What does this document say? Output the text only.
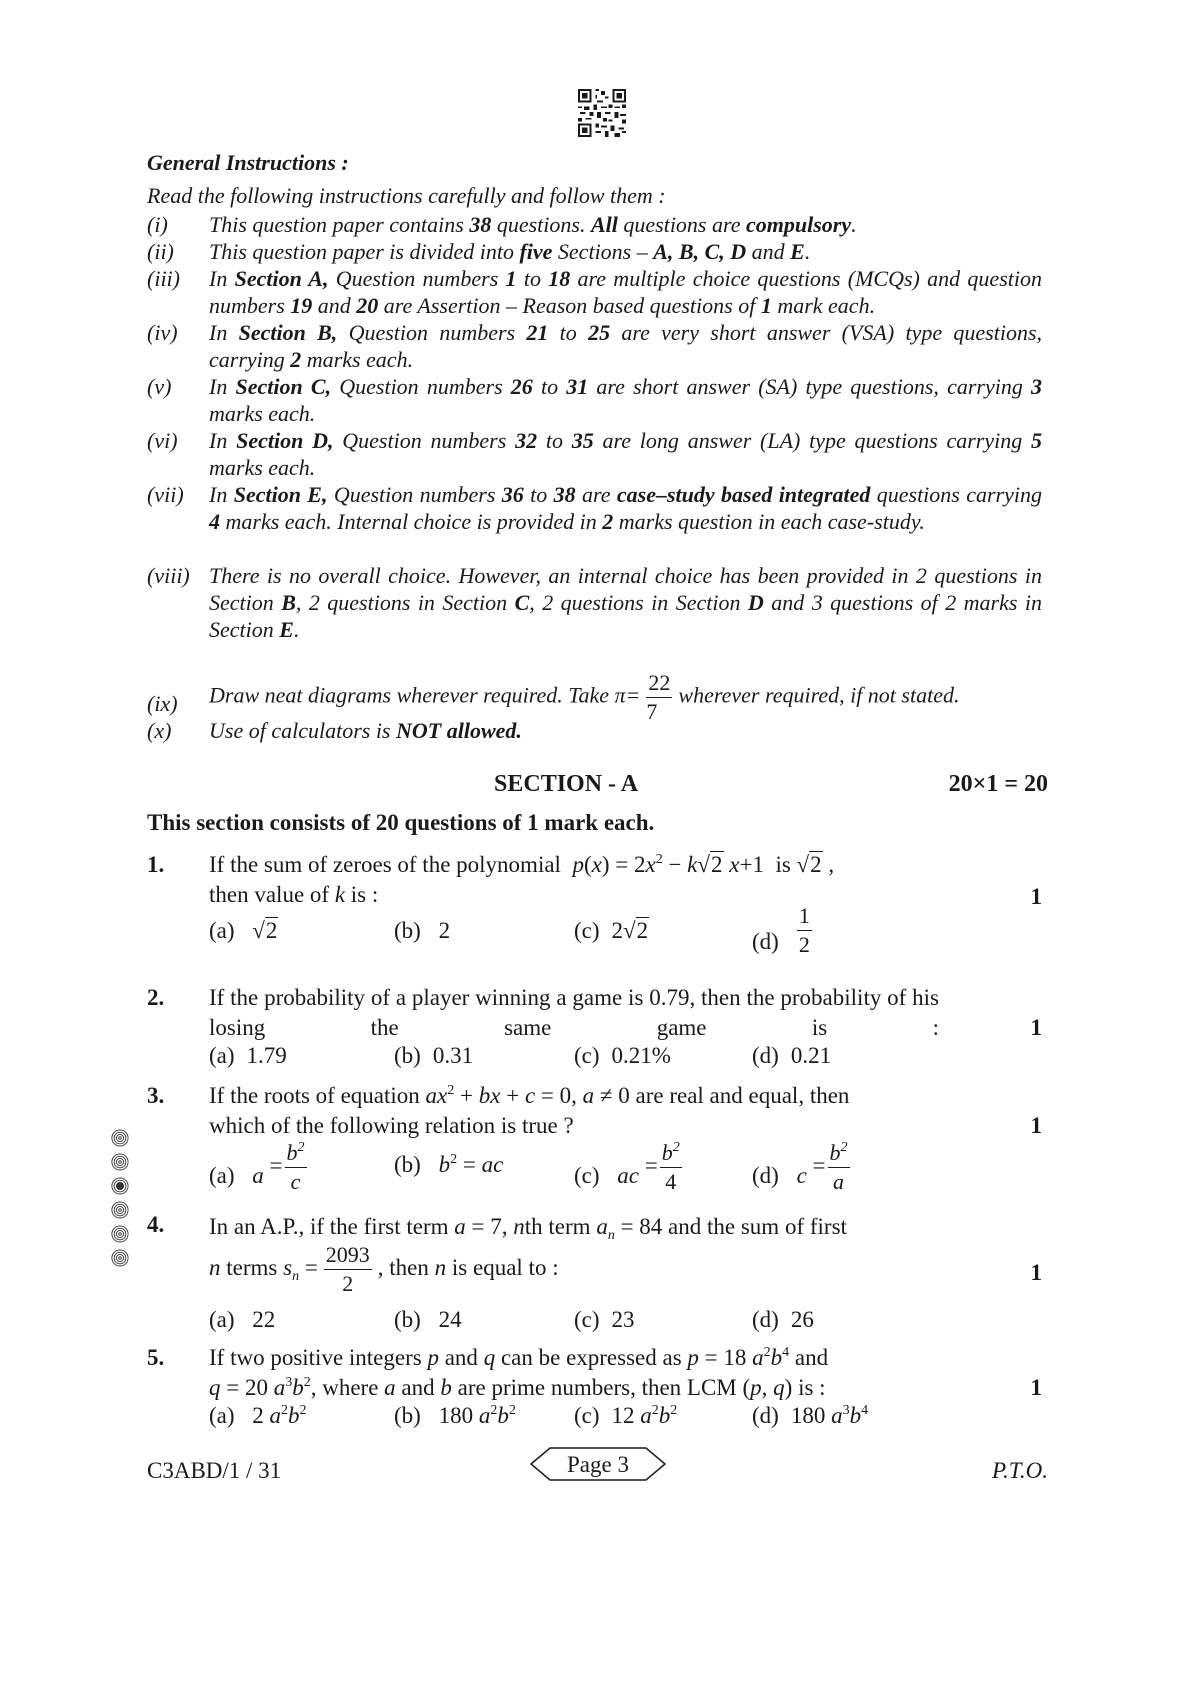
General Instructions :
Read the following instructions carefully and follow them :
(i)	This question paper contains 38 questions. All questions are compulsory.
(ii)	This question paper is divided into five Sections – A, B, C, D and E.
(iii)	In Section A, Question numbers 1 to 18 are multiple choice questions (MCQs) and question numbers 19 and 20 are Assertion – Reason based questions of 1 mark each.
(iv)	In Section B, Question numbers 21 to 25 are very short answer (VSA) type questions, carrying 2 marks each.
(v)	In Section C, Question numbers 26 to 31 are short answer (SA) type questions, carrying 3 marks each.
(vi)	In Section D, Question numbers 32 to 35 are long answer (LA) type questions carrying 5 marks each.
(vii)	In Section E, Question numbers 36 to 38 are case–study based integrated questions carrying 4 marks each. Internal choice is provided in 2 marks question in each case-study.
(viii) There is no overall choice. However, an internal choice has been provided in 2 questions in Section B, 2 questions in Section C, 2 questions in Section D and 3 questions of 2 marks in Section E.
(ix)	Draw neat diagrams wherever required. Take $\pi= \frac{22}{7}$ wherever required, if not stated.
(x)	Use of calculators is NOT allowed.
SECTION - A	20×1 = 20
This section consists of 20 questions of 1 mark each.
1. If the sum of zeroes of the polynomial  $p(x) = 2x^2 - k√2$ x+1  is √2 ,
then value of k is :	1
(a) √2	(b) 2	(c) 2√2	$(d) \frac{1}{2}$
2. If the probability of a player winning a game is 0.79, then the probability of his losing the same game is :	1
(a) 1.79	(b) 0.31	(c) 0.21%	(d) 0.21
3. If the roots of equation $ax^2$ + bx + c = 0, a ≠ 0 are real and equal, then
which of the following relation is true ?	1
(a) $a = \frac{b^2}{c}$	(b) $b^2$ = ac	(c) ac = $\frac{b^2}{4}$	(d) $c = \frac{b^2}{a}$
4. In an A.P., if the first term a = 7, nth term $a_n = 84$ and the sum of first
n terms $s_n = \frac{2093}{2}$ , then n is equal to :	1
(a) 22	(b) 24	(c) 23	(d) 26
5. If two positive integers p and q can be expressed as p = 18 $a^2b^4$ and
q = 20 $a^3b^2$, where a and b are prime numbers, then LCM (p, q) is :	1
(a) 2 $a^2b^2$	(b) 180 $a^2b^2$	(c) 12 $a^2b^2$	(d) 180 $a^3b^4$

C3ABD/1 / 31	Page 3	P.T.O.
